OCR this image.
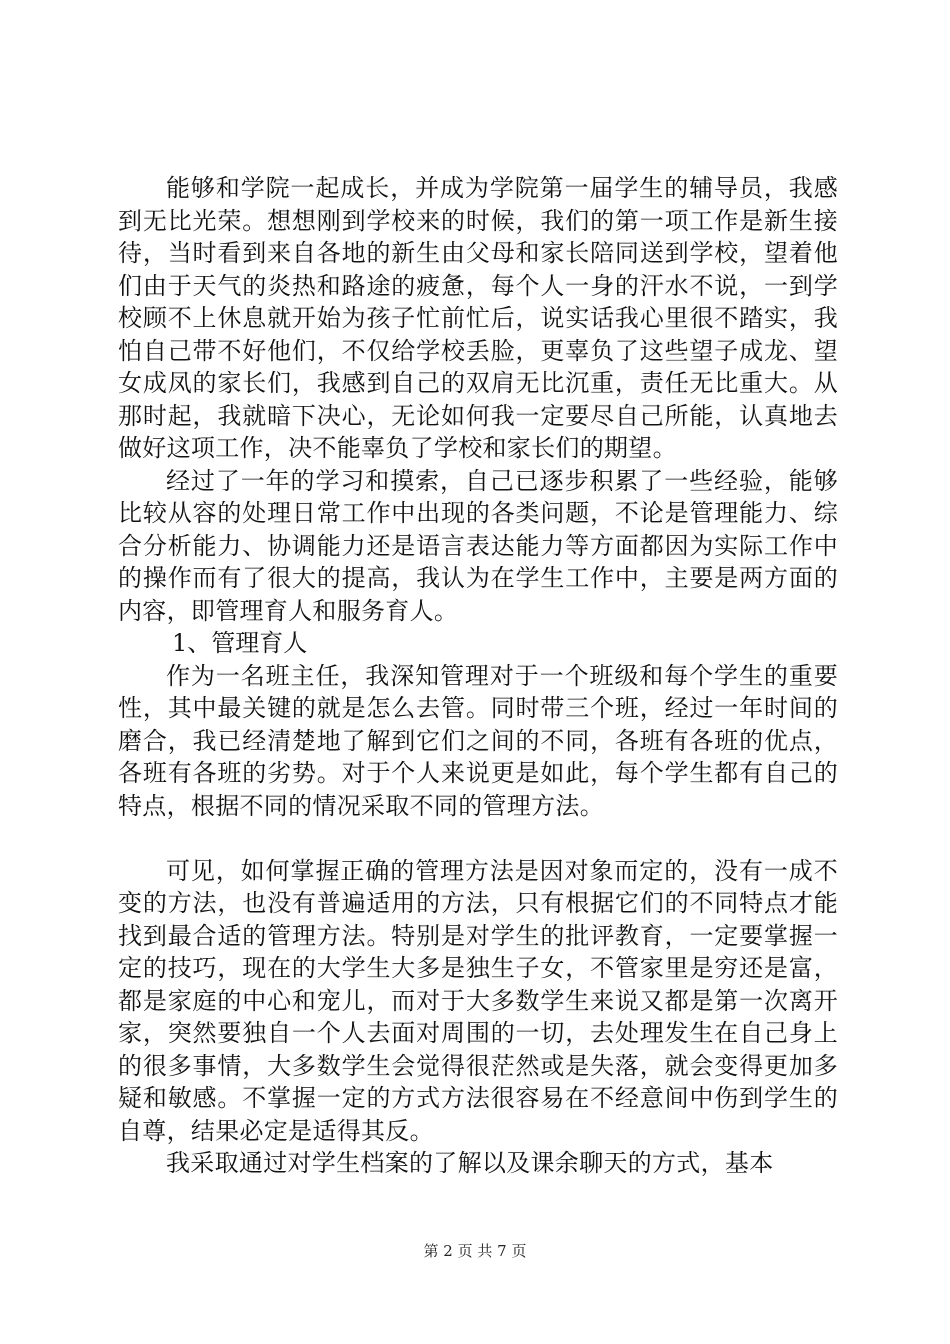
能够和学院一起成长，并成为学院第一届学生的辅导员，我感到无比光荣。想想刚到学校来的时候，我们的第一项工作是新生接待，当时看到来自各地的新生由父母和家长陪同送到学校，望着他们由于天气的炎热和路途的疲惫，每个人一身的汗水不说，一到学校顾不上休息就开始为孩子忙前忙后，说实话我心里很不踏实，我怕自己带不好他们，不仅给学校丢脸，更辜负了这些望子成龙、望女成凤的家长们，我感到自己的双肩无比沉重，责任无比重大。从那时起，我就暗下决心，无论如何我一定要尽自己所能，认真地去做好这项工作，决不能辜负了学校和家长们的期望。

经过了一年的学习和摸索，自己已逐步积累了一些经验，能够比较从容的处理日常工作中出现的各类问题，不论是管理能力、综合分析能力、协调能力还是语言表达能力等方面都因为实际工作中的操作而有了很大的提高，我认为在学生工作中，主要是两方面的内容，即管理育人和服务育人。

1、管理育人

作为一名班主任，我深知管理对于一个班级和每个学生的重要性，其中最关键的就是怎么去管。同时带三个班，经过一年时间的磨合，我已经清楚地了解到它们之间的不同，各班有各班的优点，各班有各班的劣势。对于个人来说更是如此，每个学生都有自己的特点，根据不同的情况采取不同的管理方法。

可见，如何掌握正确的管理方法是因对象而定的，没有一成不变的方法，也没有普遍适用的方法，只有根据它们的不同特点才能找到最合适的管理方法。特别是对学生的批评教育，一定要掌握一定的技巧，现在的大学生大多是独生子女，不管家里是穷还是富，都是家庭的中心和宠儿，而对于大多数学生来说又都是第一次离开家，突然要独自一个人去面对周围的一切，去处理发生在自己身上的很多事情，大多数学生会觉得很茫然或是失落，就会变得更加多疑和敏感。不掌握一定的方式方法很容易在不经意间中伤到学生的自尊，结果必定是适得其反。

我采取通过对学生档案的了解以及课余聊天的方式，基本

第 2 页 共 7 页
